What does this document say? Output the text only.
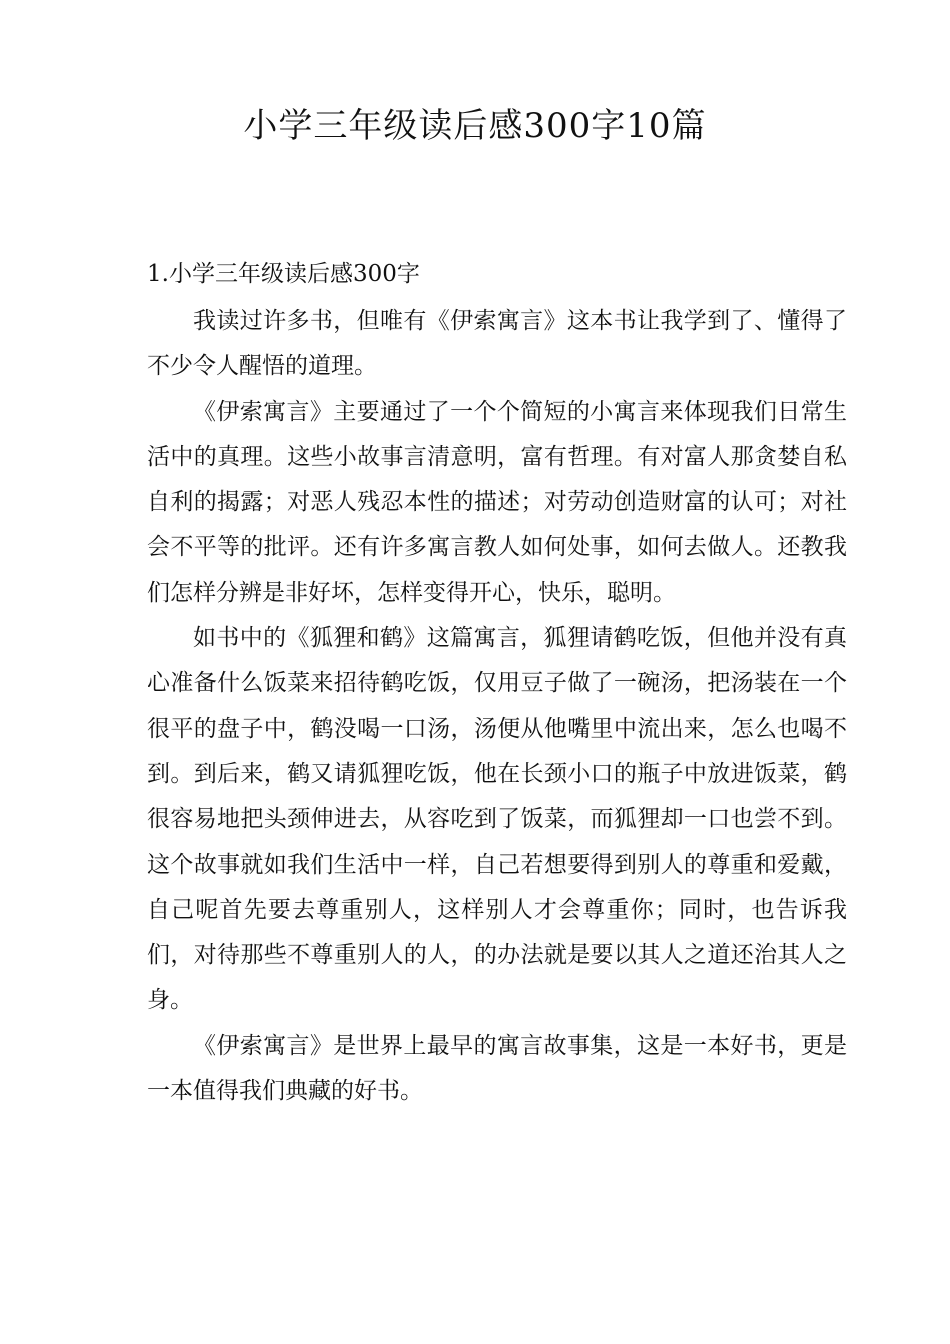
小学三年级读后感300字10篇
1.小学三年级读后感300字

我读过许多书，但唯有《伊索寓言》这本书让我学到了、懂得了不少令人醒悟的道理。

《伊索寓言》主要通过了一个个简短的小寓言来体现我们日常生活中的真理。这些小故事言清意明，富有哲理。有对富人那贪婪自私自利的揭露；对恶人残忍本性的描述；对劳动创造财富的认可；对社会不平等的批评。还有许多寓言教人如何处事，如何去做人。还教我们怎样分辨是非好坏，怎样变得开心，快乐，聪明。

如书中的《狐狸和鹤》这篇寓言，狐狸请鹤吃饭，但他并没有真心准备什么饭菜来招待鹤吃饭，仅用豆子做了一碗汤，把汤装在一个很平的盘子中，鹤没喝一口汤，汤便从他嘴里中流出来，怎么也喝不到。到后来，鹤又请狐狸吃饭，他在长颈小口的瓶子中放进饭菜，鹤很容易地把头颈伸进去，从容吃到了饭菜，而狐狸却一口也尝不到。这个故事就如我们生活中一样，自己若想要得到别人的尊重和爱戴，自己呢首先要去尊重别人，这样别人才会尊重你；同时，也告诉我们，对待那些不尊重别人的人，的办法就是要以其人之道还治其人之身。

《伊索寓言》是世界上最早的寓言故事集，这是一本好书，更是一本值得我们典藏的好书。
